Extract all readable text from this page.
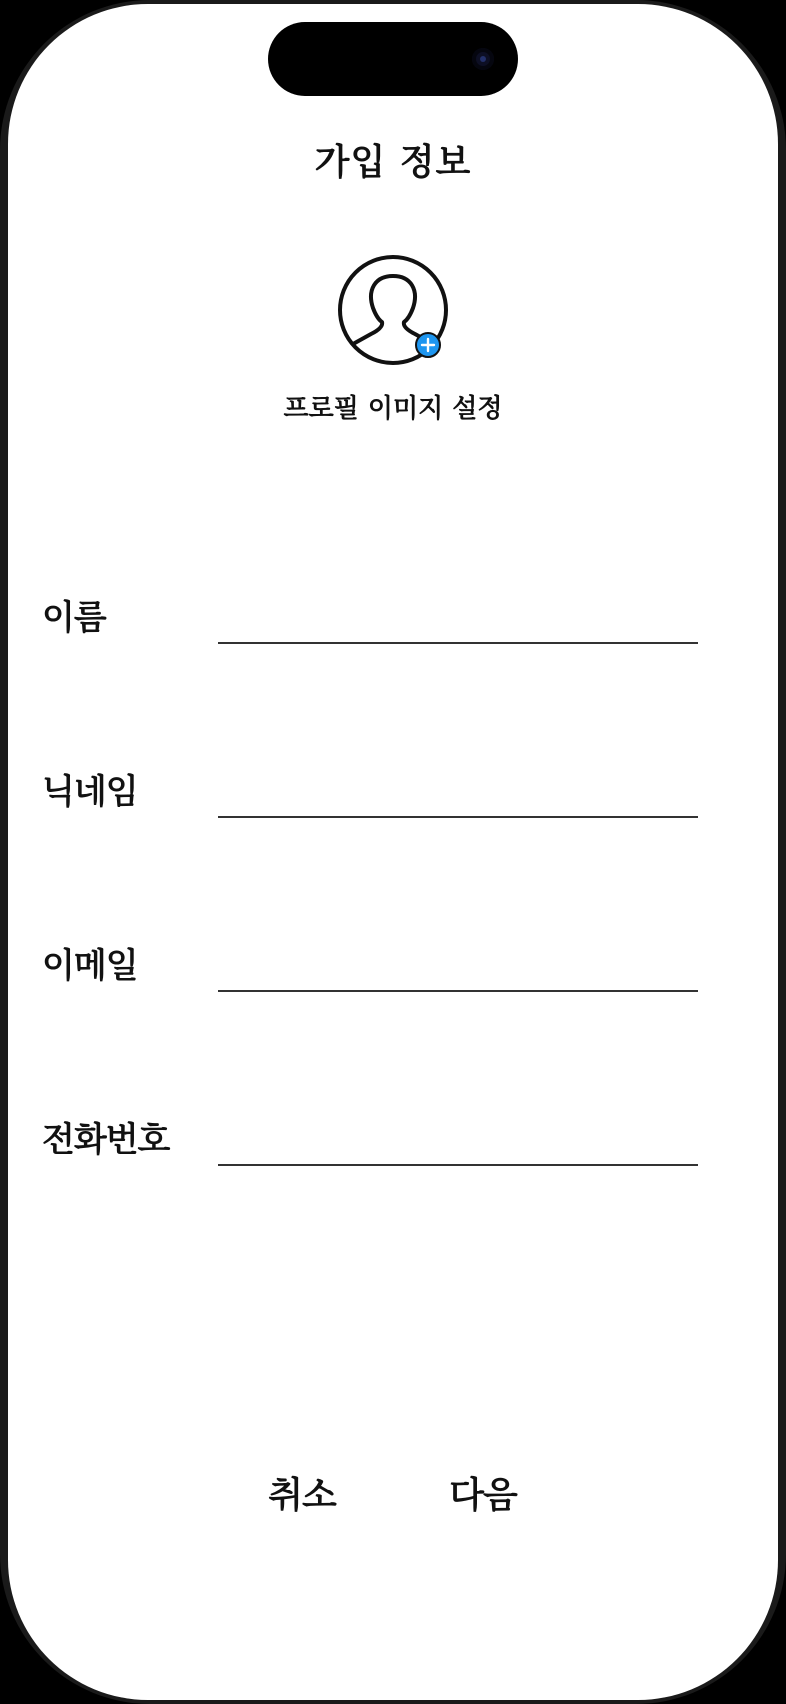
가입 정보
프로필 이미지 설정
이름
닉네임
이메일
전화번호
취소	다음
